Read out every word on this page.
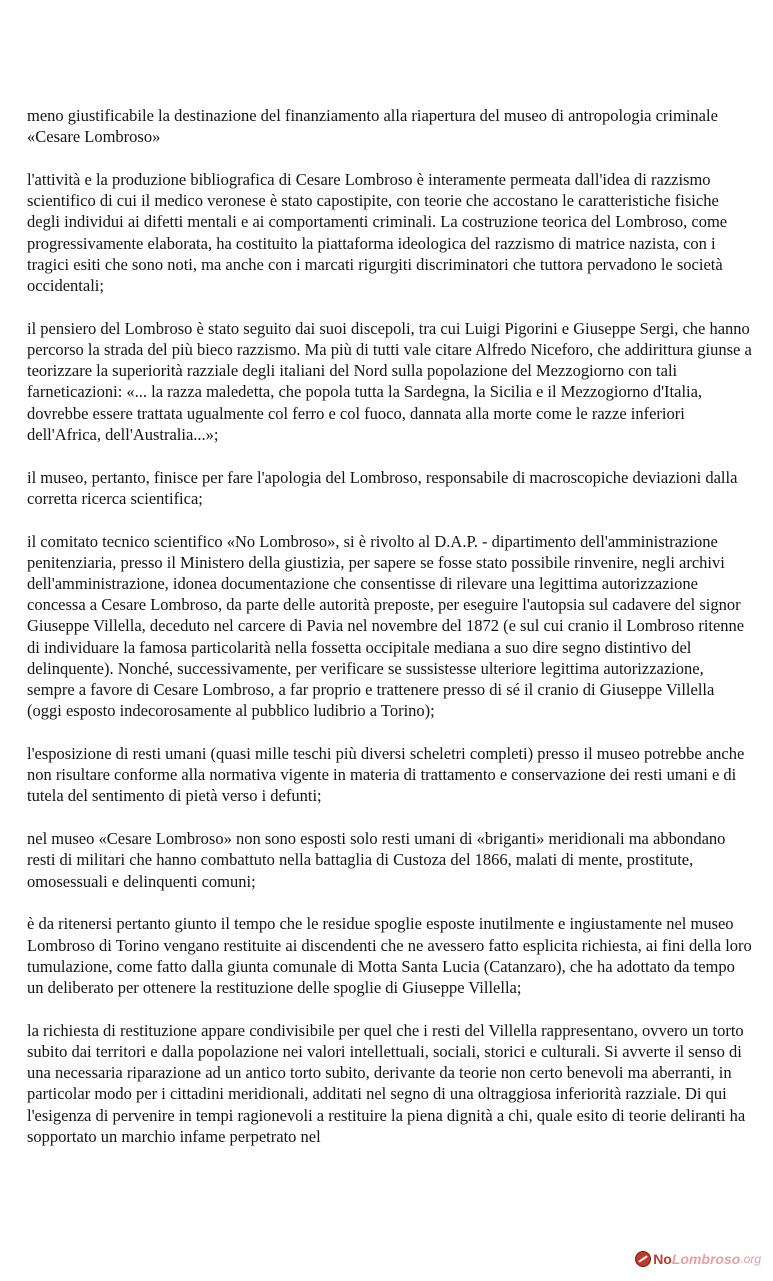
meno giustificabile la destinazione del finanziamento alla riapertura del museo di antropologia criminale «Cesare Lombroso»

l'attività e la produzione bibliografica di Cesare Lombroso è interamente permeata dall'idea di razzismo scientifico di cui il medico veronese è stato capostipite, con teorie che accostano le caratteristiche fisiche degli individui ai difetti mentali e ai comportamenti criminali. La costruzione teorica del Lombroso, come progressivamente elaborata, ha costituito la piattaforma ideologica del razzismo di matrice nazista, con i tragici esiti che sono noti, ma anche con i marcati rigurgiti discriminatori che tuttora pervadono le società occidentali;

il pensiero del Lombroso è stato seguito dai suoi discepoli, tra cui Luigi Pigorini e Giuseppe Sergi, che hanno percorso la strada del più bieco razzismo. Ma più di tutti vale citare Alfredo Niceforo, che addirittura giunse a teorizzare la superiorità razziale degli italiani del Nord sulla popolazione del Mezzogiorno con tali farneticazioni: «... la razza maledetta, che popola tutta la Sardegna, la Sicilia e il Mezzogiorno d'Italia, dovrebbe essere trattata ugualmente col ferro e col fuoco, dannata alla morte come le razze inferiori dell'Africa, dell'Australia...»;

il museo, pertanto, finisce per fare l'apologia del Lombroso, responsabile di macroscopiche deviazioni dalla corretta ricerca scientifica;

il comitato tecnico scientifico «No Lombroso», si è rivolto al D.A.P. - dipartimento dell'amministrazione penitenziaria, presso il Ministero della giustizia, per sapere se fosse stato possibile rinvenire, negli archivi dell'amministrazione, idonea documentazione che consentisse di rilevare una legittima autorizzazione concessa a Cesare Lombroso, da parte delle autorità preposte, per eseguire l'autopsia sul cadavere del signor Giuseppe Villella, deceduto nel carcere di Pavia nel novembre del 1872 (e sul cui cranio il Lombroso ritenne di individuare la famosa particolarità nella fossetta occipitale mediana a suo dire segno distintivo del delinquente). Nonché, successivamente, per verificare se sussistesse ulteriore legittima autorizzazione, sempre a favore di Cesare Lombroso, a far proprio e trattenere presso di sé il cranio di Giuseppe Villella (oggi esposto indecorosamente al pubblico ludibrio a Torino);

l'esposizione di resti umani (quasi mille teschi più diversi scheletri completi) presso il museo potrebbe anche non risultare conforme alla normativa vigente in materia di trattamento e conservazione dei resti umani e di tutela del sentimento di pietà verso i defunti;

nel museo «Cesare Lombroso» non sono esposti solo resti umani di «briganti» meridionali ma abbondano resti di militari che hanno combattuto nella battaglia di Custoza del 1866, malati di mente, prostitute, omosessuali e delinquenti comuni;

è da ritenersi pertanto giunto il tempo che le residue spoglie esposte inutilmente e ingiustamente nel museo Lombroso di Torino vengano restituite ai discendenti che ne avessero fatto esplicita richiesta, ai fini della loro tumulazione, come fatto dalla giunta comunale di Motta Santa Lucia (Catanzaro), che ha adottato da tempo un deliberato per ottenere la restituzione delle spoglie di Giuseppe Villella;

la richiesta di restituzione appare condivisibile per quel che i resti del Villella rappresentano, ovvero un torto subito dai territori e dalla popolazione nei valori intellettuali, sociali, storici e culturali. Si avverte il senso di una necessaria riparazione ad un antico torto subito, derivante da teorie non certo benevoli ma aberranti, in particolar modo per i cittadini meridionali, additati nel segno di una oltraggiosa inferiorità razziale. Di qui l'esigenza di pervenire in tempi ragionevoli a restituire la piena dignità a chi, quale esito di teorie deliranti ha sopportato un marchio infame perpetrato nel

No Lombroso .org
